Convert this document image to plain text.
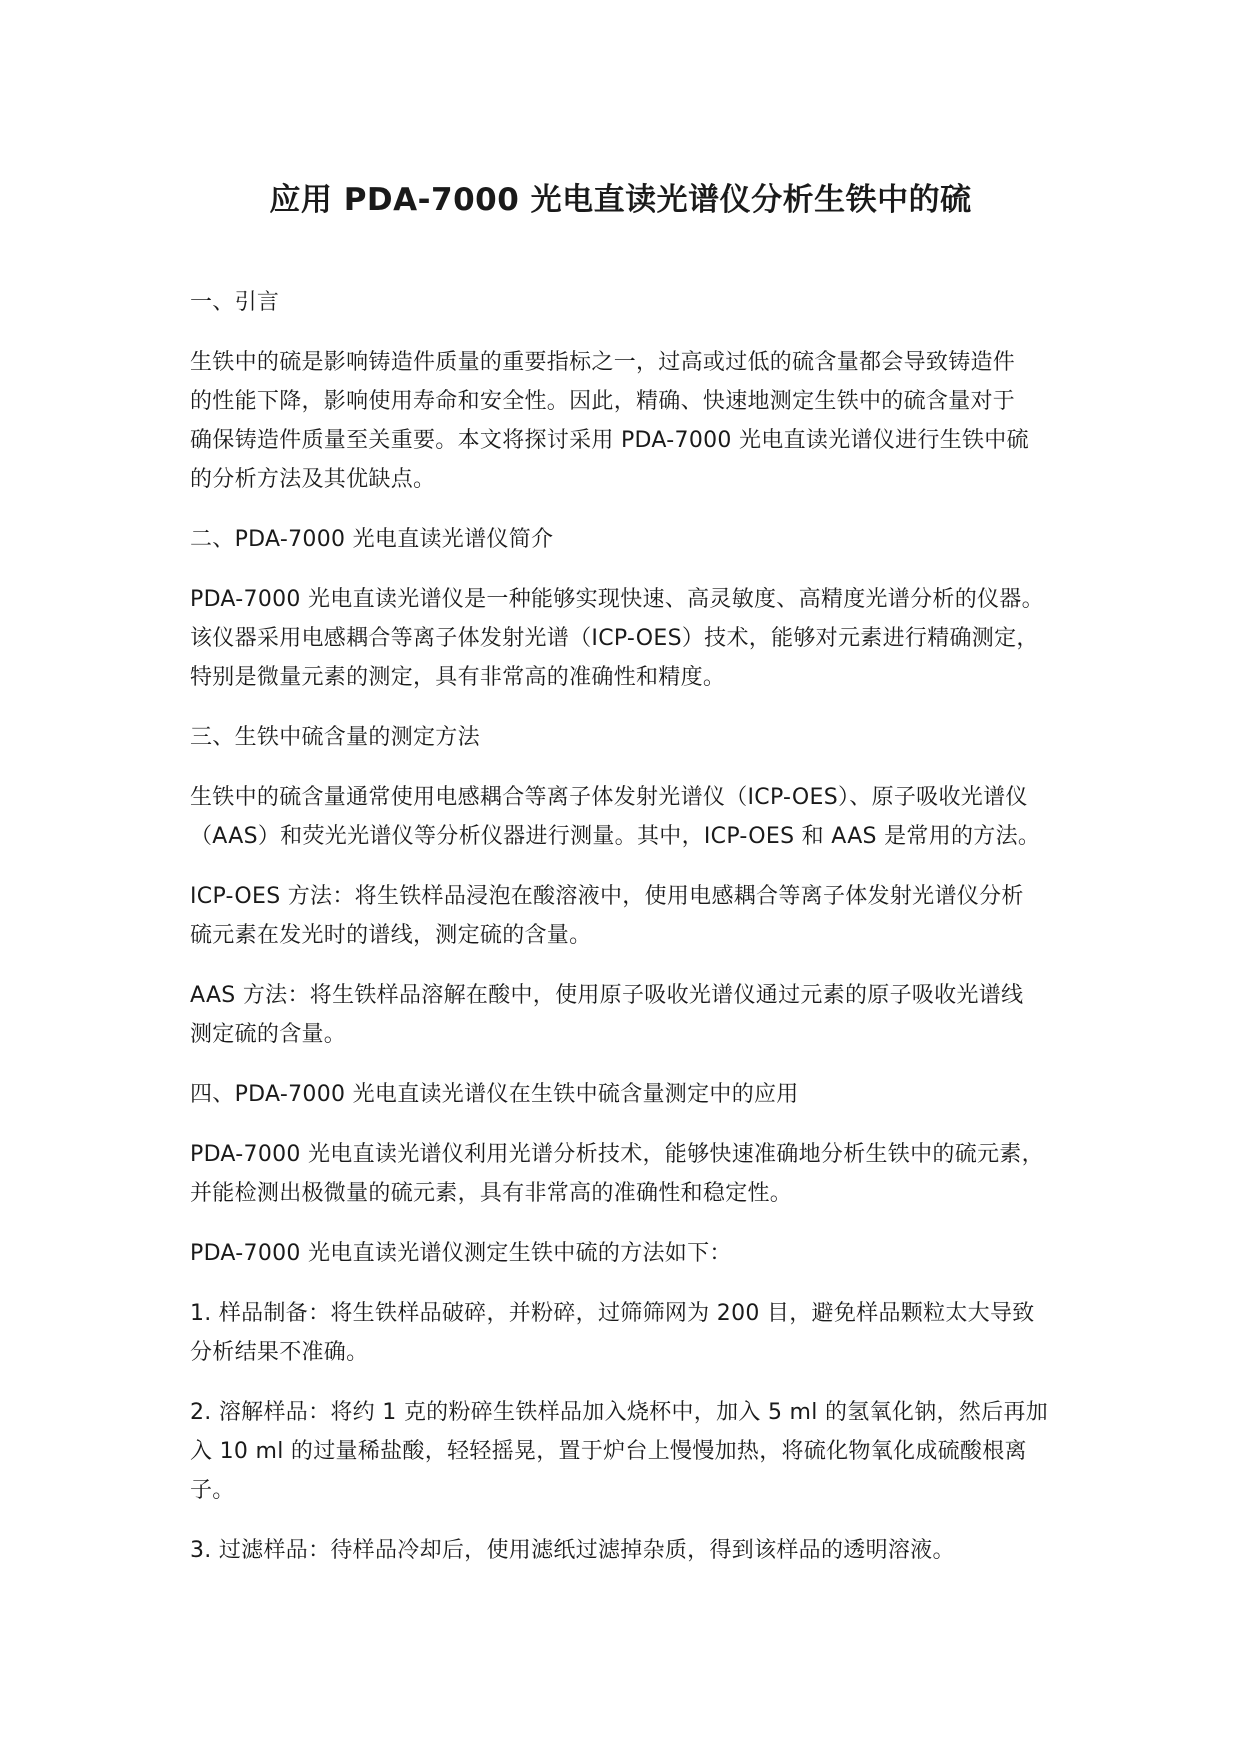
应用 PDA-7000 光电直读光谱仪分析生铁中的硫
一、引言
生铁中的硫是影响铸造件质量的重要指标之一，过高或过低的硫含量都会导致铸造件
的性能下降，影响使用寿命和安全性。因此，精确、快速地测定生铁中的硫含量对于
确保铸造件质量至关重要。本文将探讨采用 PDA-7000 光电直读光谱仪进行生铁中硫
的分析方法及其优缺点。
二、PDA-7000 光电直读光谱仪简介
PDA-7000 光电直读光谱仪是一种能够实现快速、高灵敏度、高精度光谱分析的仪器。
该仪器采用电感耦合等离子体发射光谱（ICP-OES）技术，能够对元素进行精确测定，
特别是微量元素的测定，具有非常高的准确性和精度。
三、生铁中硫含量的测定方法
生铁中的硫含量通常使用电感耦合等离子体发射光谱仪（ICP-OES）、原子吸收光谱仪
（AAS）和荧光光谱仪等分析仪器进行测量。其中，ICP-OES 和 AAS 是常用的方法。
ICP-OES 方法：将生铁样品浸泡在酸溶液中，使用电感耦合等离子体发射光谱仪分析
硫元素在发光时的谱线，测定硫的含量。
AAS 方法：将生铁样品溶解在酸中，使用原子吸收光谱仪通过元素的原子吸收光谱线
测定硫的含量。
四、PDA-7000 光电直读光谱仪在生铁中硫含量测定中的应用
PDA-7000 光电直读光谱仪利用光谱分析技术，能够快速准确地分析生铁中的硫元素，
并能检测出极微量的硫元素，具有非常高的准确性和稳定性。
PDA-7000 光电直读光谱仪测定生铁中硫的方法如下：
1. 样品制备：将生铁样品破碎，并粉碎，过筛筛网为 200 目，避免样品颗粒太大导致
分析结果不准确。
2. 溶解样品：将约 1 克的粉碎生铁样品加入烧杯中，加入 5 ml 的氢氧化钠，然后再加
入 10 ml 的过量稀盐酸，轻轻摇晃，置于炉台上慢慢加热，将硫化物氧化成硫酸根离
子。
3. 过滤样品：待样品冷却后，使用滤纸过滤掉杂质，得到该样品的透明溶液。
